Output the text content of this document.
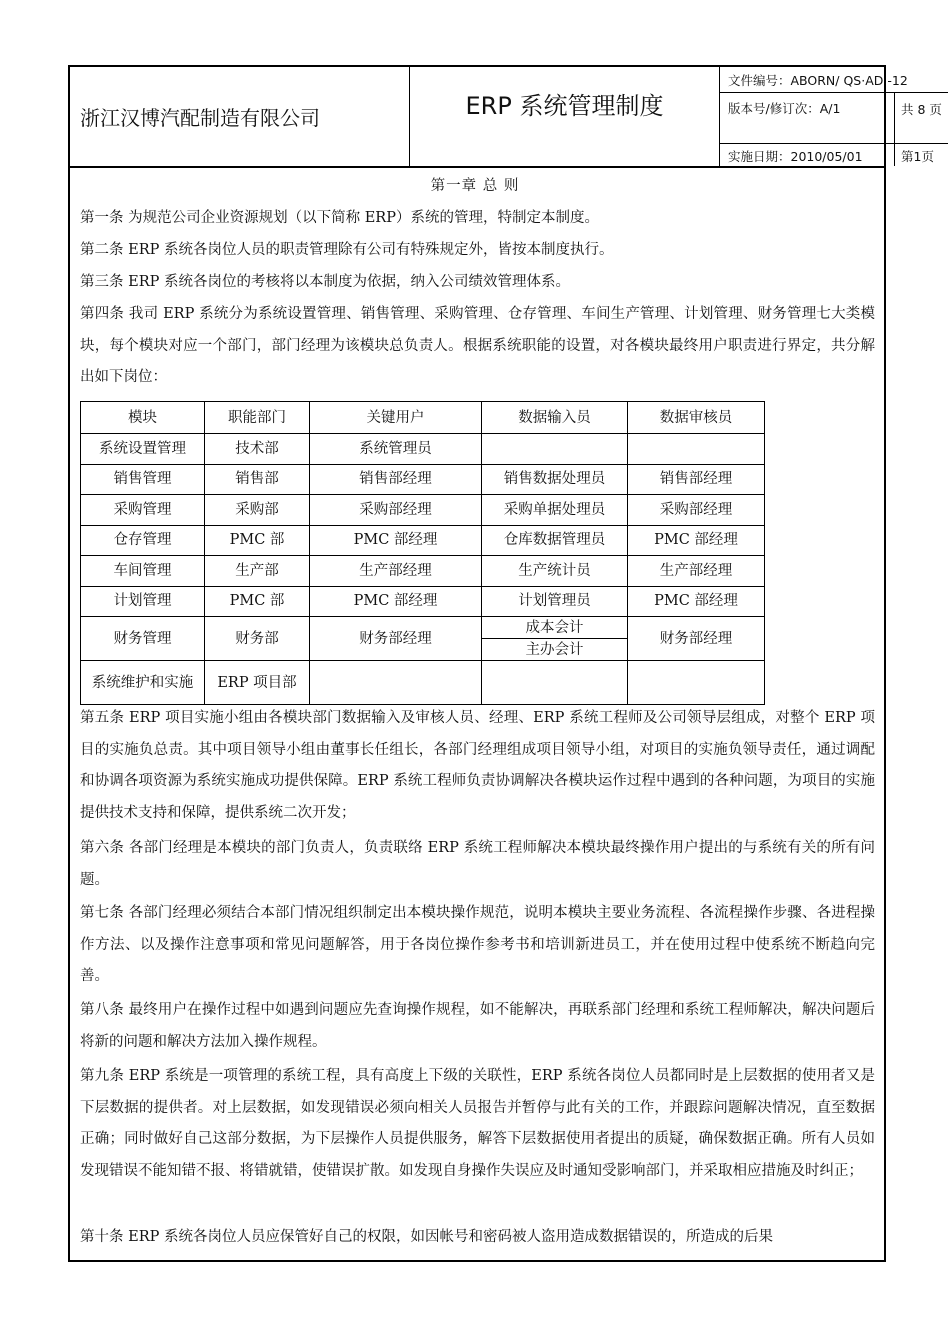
浙江汉博汽配制造有限公司	ERP 系统管理制度
文件编号：ABORN/ QS·AD -12
版本号/修订次：A/1	共 8 页
实施日期：2010/05/01	第1页
第一章 总 则
第一条 为规范公司企业资源规划（以下简称 ERP）系统的管理，特制定本制度。
第二条 ERP 系统各岗位人员的职责管理除有公司有特殊规定外，皆按本制度执行。
第三条 ERP 系统各岗位的考核将以本制度为依据，纳入公司绩效管理体系。
第四条 我司 ERP 系统分为系统设置管理、销售管理、采购管理、仓存管理、车间生产管理、计划管理、财务管理七大类模块，每个模块对应一个部门，部门经理为该模块总负责人。根据系统职能的设置，对各模块最终用户职责进行界定，共分解出如下岗位：
模块	职能部门	关键用户	数据输入员	数据审核员
系统设置管理	技术部	系统管理员		
销售管理	销售部	销售部经理	销售数据处理员	销售部经理
采购管理	采购部	采购部经理	采购单据处理员	采购部经理
仓存管理	PMC 部	PMC 部经理	仓库数据管理员	PMC 部经理
车间管理	生产部	生产部经理	生产统计员	生产部经理
计划管理	PMC 部	PMC 部经理	计划管理员	PMC 部经理
财务管理	财务部	财务部经理	成本会计	财务部经理
			主办会计	
系统维护和实施	ERP 项目部			
第五条 ERP 项目实施小组由各模块部门数据输入及审核人员、经理、ERP 系统工程师及公司领导层组成，对整个 ERP 项目的实施负总责。其中项目领导小组由董事长任组长，各部门经理组成项目领导小组，对项目的实施负领导责任，通过调配和协调各项资源为系统实施成功提供保障。ERP 系统工程师负责协调解决各模块运作过程中遇到的各种问题，为项目的实施提供技术支持和保障，提供系统二次开发；
第六条 各部门经理是本模块的部门负责人，负责联络 ERP 系统工程师解决本模块最终操作用户提出的与系统有关的所有问题。
第七条 各部门经理必须结合本部门情况组织制定出本模块操作规范，说明本模块主要业务流程、各流程操作步骤、各进程操作方法、以及操作注意事项和常见问题解答，用于各岗位操作参考书和培训新进员工，并在使用过程中使系统不断趋向完善。
第八条 最终用户在操作过程中如遇到问题应先查询操作规程，如不能解决，再联系部门经理和系统工程师解决，解决问题后将新的问题和解决方法加入操作规程。
第九条 ERP 系统是一项管理的系统工程，具有高度上下级的关联性，ERP 系统各岗位人员都同时是上层数据的使用者又是下层数据的提供者。对上层数据，如发现错误必须向相关人员报告并暂停与此有关的工作，并跟踪问题解决情况，直至数据正确；同时做好自己这部分数据，为下层操作人员提供服务，解答下层数据使用者提出的质疑，确保数据正确。所有人员如发现错误不能知错不报、将错就错，使错误扩散。如发现自身操作失误应及时通知受影响部门，并采取相应措施及时纠正；
第十条 ERP 系统各岗位人员应保管好自己的权限，如因帐号和密码被人盗用造成数据错误的，所造成的后果
